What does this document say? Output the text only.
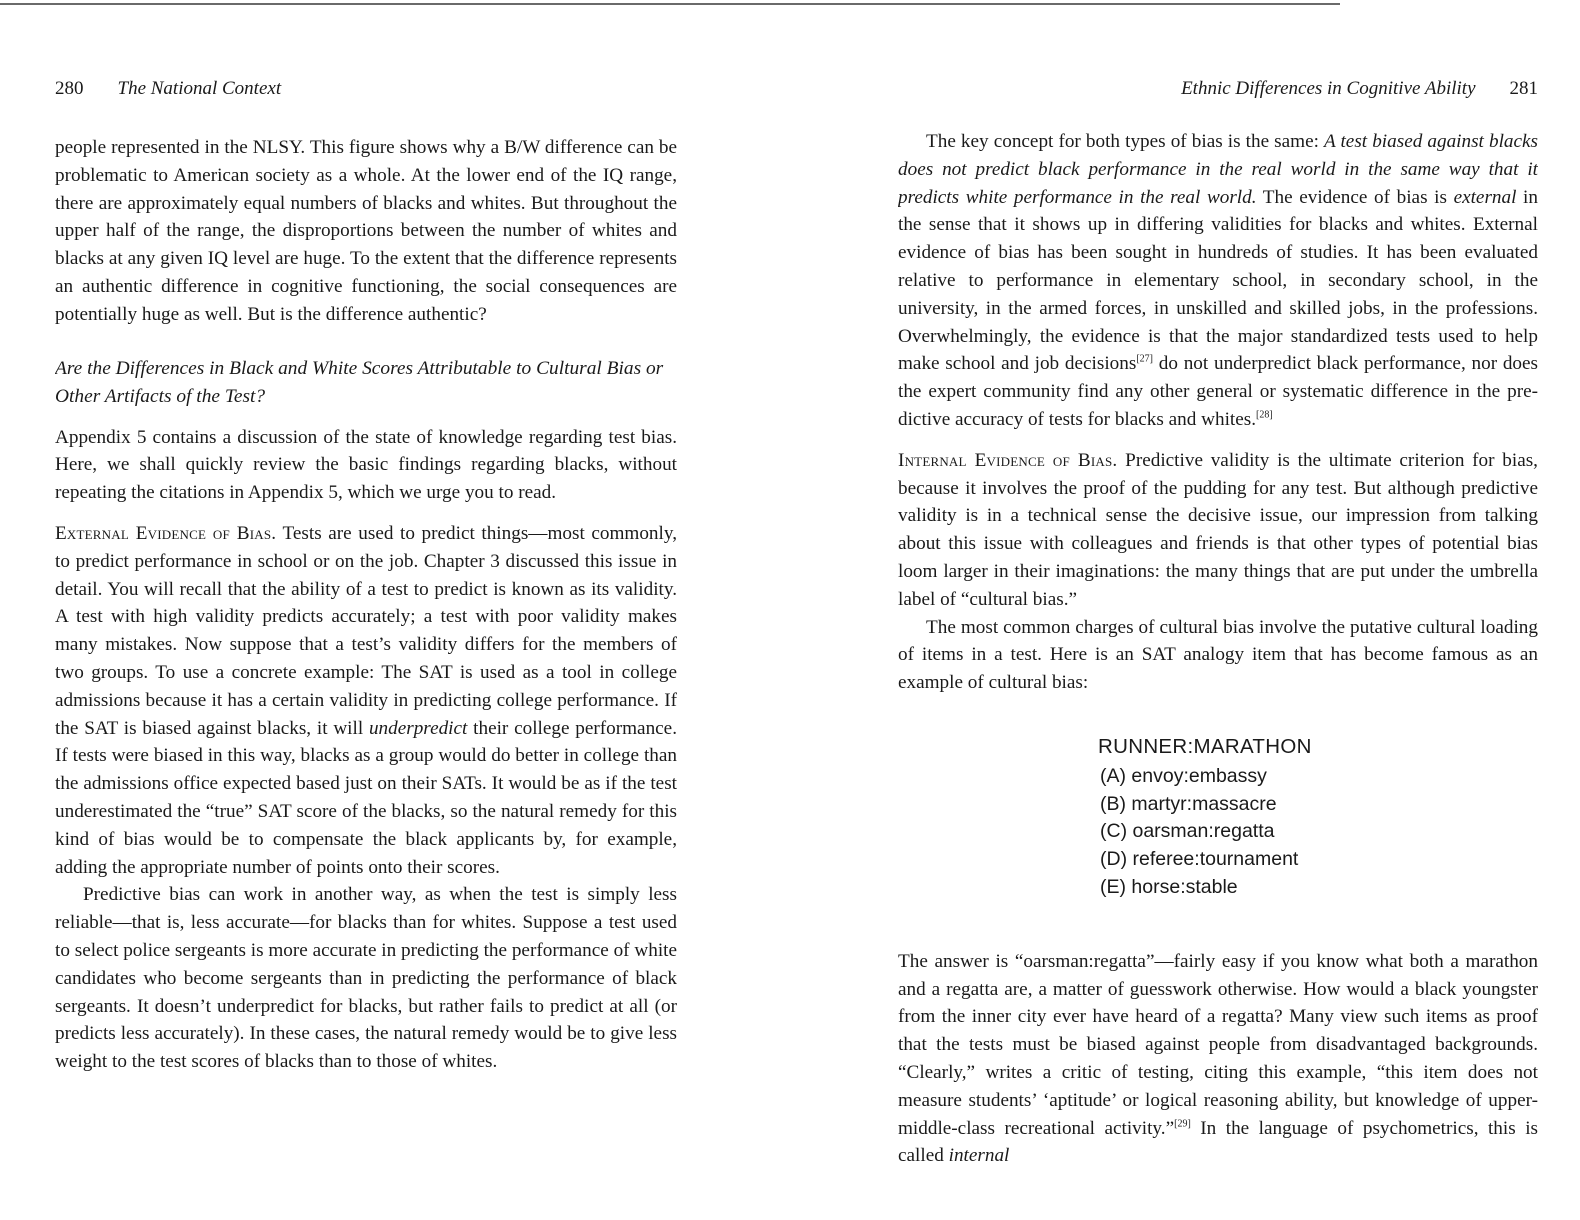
280 The National Context

people represented in the NLSY. This figure shows why a B/W difference can be problematic to American society as a whole. At the lower end of the IQ range, there are approximately equal numbers of blacks and whites. But throughout the upper half of the range, the disproportions between the number of whites and blacks at any given IQ level are huge. To the extent that the difference represents an authentic difference in cognitive functioning, the social consequences are potentially huge as well. But is the difference authentic?

Are the Differences in Black and White Scores Attributable to Cultural Bias or Other Artifacts of the Test?

Appendix 5 contains a discussion of the state of knowledge regarding test bias. Here, we shall quickly review the basic findings regarding blacks, without repeating the citations in Appendix 5, which we urge you to read.

External Evidence of Bias. Tests are used to predict things—most commonly, to predict performance in school or on the job. Chapter 3 discussed this issue in detail. You will recall that the ability of a test to predict is known as its validity. A test with high validity predicts accurately; a test with poor validity makes many mistakes. Now suppose that a test’s validity differs for the members of two groups. To use a concrete example: The SAT is used as a tool in college admissions because it has a certain validity in predicting college performance. If the SAT is biased against blacks, it will underpredict their college performance. If tests were biased in this way, blacks as a group would do better in college than the admissions office expected based just on their SATs. It would be as if the test underestimated the “true” SAT score of the blacks, so the natural remedy for this kind of bias would be to compensate the black applicants by, for example, adding the appropriate number of points onto their scores.

Predictive bias can work in another way, as when the test is simply less reliable—that is, less accurate—for blacks than for whites. Suppose a test used to select police sergeants is more accurate in predicting the performance of white candidates who become sergeants than in predicting the performance of black sergeants. It doesn’t underpredict for blacks, but rather fails to predict at all (or predicts less accurately). In these cases, the natural remedy would be to give less weight to the test scores of blacks than to those of whites.

Ethnic Differences in Cognitive Ability 281

The key concept for both types of bias is the same: A test biased against blacks does not predict black performance in the real world in the same way that it predicts white performance in the real world. The evidence of bias is external in the sense that it shows up in differing validities for blacks and whites. External evidence of bias has been sought in hundreds of studies. It has been evaluated relative to performance in elementary school, in secondary school, in the university, in the armed forces, in unskilled and skilled jobs, in the professions. Overwhelmingly, the evidence is that the major standardized tests used to help make school and job decisions[27] do not underpredict black performance, nor does the expert community find any other general or systematic difference in the predictive accuracy of tests for blacks and whites.[28]

Internal Evidence of Bias. Predictive validity is the ultimate criterion for bias, because it involves the proof of the pudding for any test. But although predictive validity is in a technical sense the decisive issue, our impression from talking about this issue with colleagues and friends is that other types of potential bias loom larger in their imaginations: the many things that are put under the umbrella label of “cultural bias.”

The most common charges of cultural bias involve the putative cultural loading of items in a test. Here is an SAT analogy item that has become famous as an example of cultural bias:

RUNNER:MARATHON
(A) envoy:embassy
(B) martyr:massacre
(C) oarsman:regatta
(D) referee:tournament
(E) horse:stable

The answer is “oarsman:regatta”—fairly easy if you know what both a marathon and a regatta are, a matter of guesswork otherwise. How would a black youngster from the inner city ever have heard of a regatta? Many view such items as proof that the tests must be biased against people from disadvantaged backgrounds. “Clearly,” writes a critic of testing, citing this example, “this item does not measure students’ ‘aptitude’ or logical reasoning ability, but knowledge of upper-middle-class recreational activity.”[29] In the language of psychometrics, this is called internal
